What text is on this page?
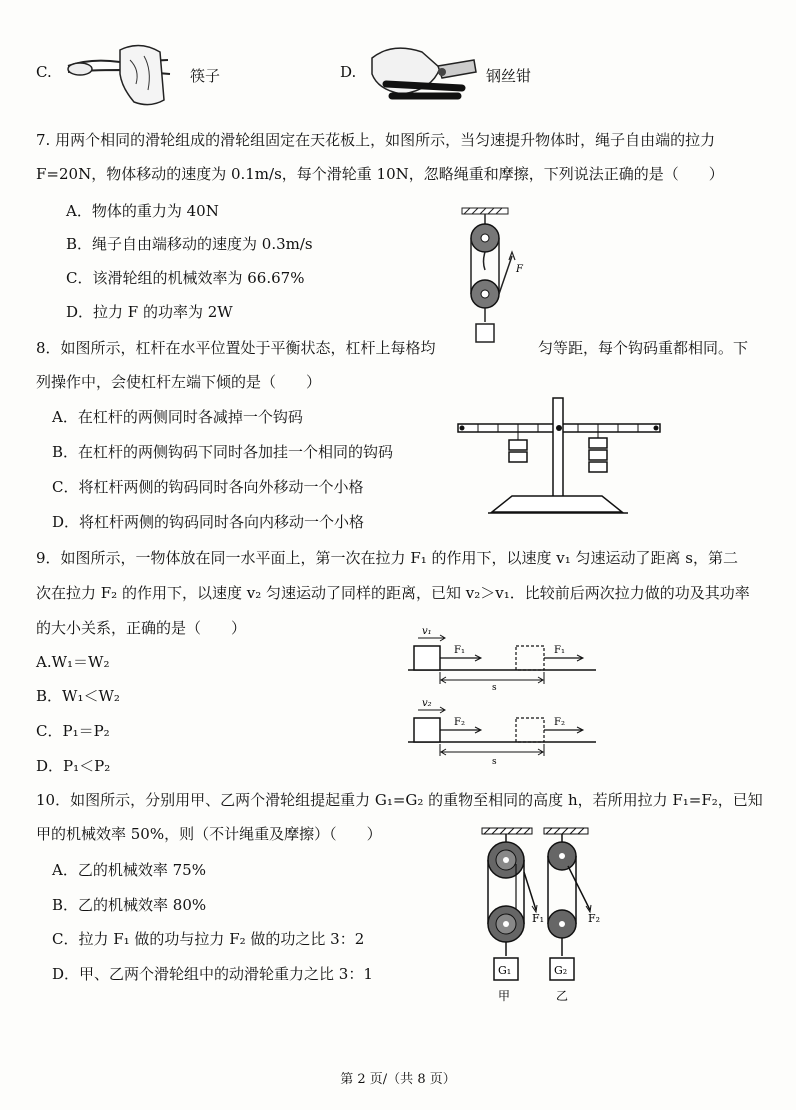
C.	筷子	D.	钢丝钳
7. 用两个相同的滑轮组成的滑轮组固定在天花板上，如图所示，当匀速提升物体时，绳子自由端的拉力
F=20N，物体移动的速度为 0.1m/s，每个滑轮重 10N，忽略绳重和摩擦，下列说法正确的是（　　）
A．物体的重力为 40N
B．绳子自由端移动的速度为 0.3m/s
C．该滑轮组的机械效率为 66.67%
D．拉力 F 的功率为 2W
F
8．如图所示，杠杆在水平位置处于平衡状态，杠杆上每格均	匀等距，每个钩码重都相同。下
列操作中，会使杠杆左端下倾的是（　　）
A．在杠杆的两侧同时各减掉一个钩码
B．在杠杆的两侧钩码下同时各加挂一个相同的钩码
C．将杠杆两侧的钩码同时各向外移动一个小格
D．将杠杆两侧的钩码同时各向内移动一个小格
9．如图所示，一物体放在同一水平面上，第一次在拉力 F₁ 的作用下，以速度 v₁ 匀速运动了距离 s，第二
次在拉力 F₂ 的作用下，以速度 v₂ 匀速运动了同样的距离，已知 v₂＞v₁．比较前后两次拉力做的功及其功率
的大小关系，正确的是（　　）
A.W₁＝W₂
B．W₁＜W₂
C．P₁＝P₂
D．P₁＜P₂
v₁
F₁	F₁
s
v₂
F₂	F₂
s
10．如图所示，分别用甲、乙两个滑轮组提起重力 G₁=G₂ 的重物至相同的高度 h，若所用拉力 F₁=F₂，已知
甲的机械效率 50%，则（不计绳重及摩擦）（　　）
A．乙的机械效率 75%
B．乙的机械效率 80%
C．拉力 F₁ 做的功与拉力 F₂ 做的功之比 3：2
D．甲、乙两个滑轮组中的动滑轮重力之比 3：1
F₁
G₁
甲
F₂
G₂
乙
第 2 页/（共 8 页）
